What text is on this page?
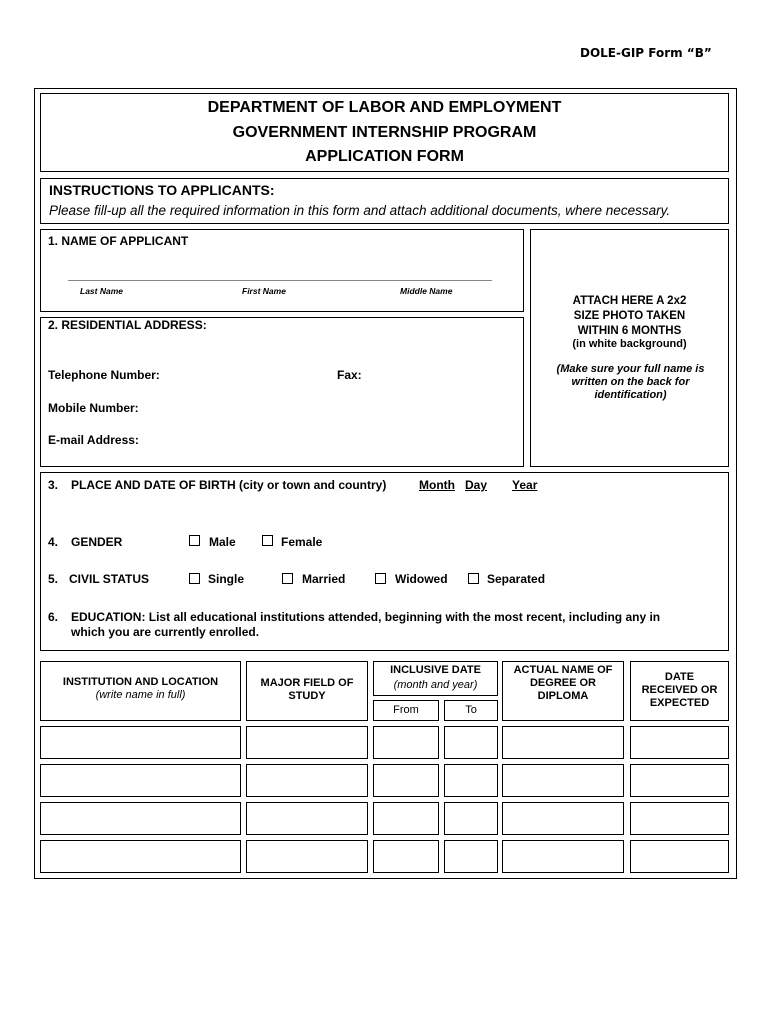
DOLE-GIP Form “B”
DEPARTMENT OF LABOR AND EMPLOYMENT
GOVERNMENT INTERNSHIP PROGRAM
APPLICATION FORM
INSTRUCTIONS TO APPLICANTS:
Please fill-up all the required information in this form and attach additional documents, where necessary.
1. NAME OF APPLICANT
Last Name	First Name	Middle Name
2. RESIDENTIAL ADDRESS:
Telephone Number:	Fax:
Mobile Number:
E-mail Address:
ATTACH HERE A 2x2
SIZE PHOTO TAKEN
WITHIN 6 MONTHS
(in white background)
(Make sure your full name is written on the back for identification)
3. PLACE AND DATE OF BIRTH (city or town and country)	Month Day Year
4. GENDER	Male	Female
5. CIVIL STATUS	Single	Married	Widowed	Separated
6. EDUCATION: List all educational institutions attended, beginning with the most recent, including any in
which you are currently enrolled.
INSTITUTION AND LOCATION
(write name in full)
MAJOR FIELD OF
STUDY
INCLUSIVE DATE
(month and year)
From	To
ACTUAL NAME OF
DEGREE OR
DIPLOMA
DATE
RECEIVED OR
EXPECTED
